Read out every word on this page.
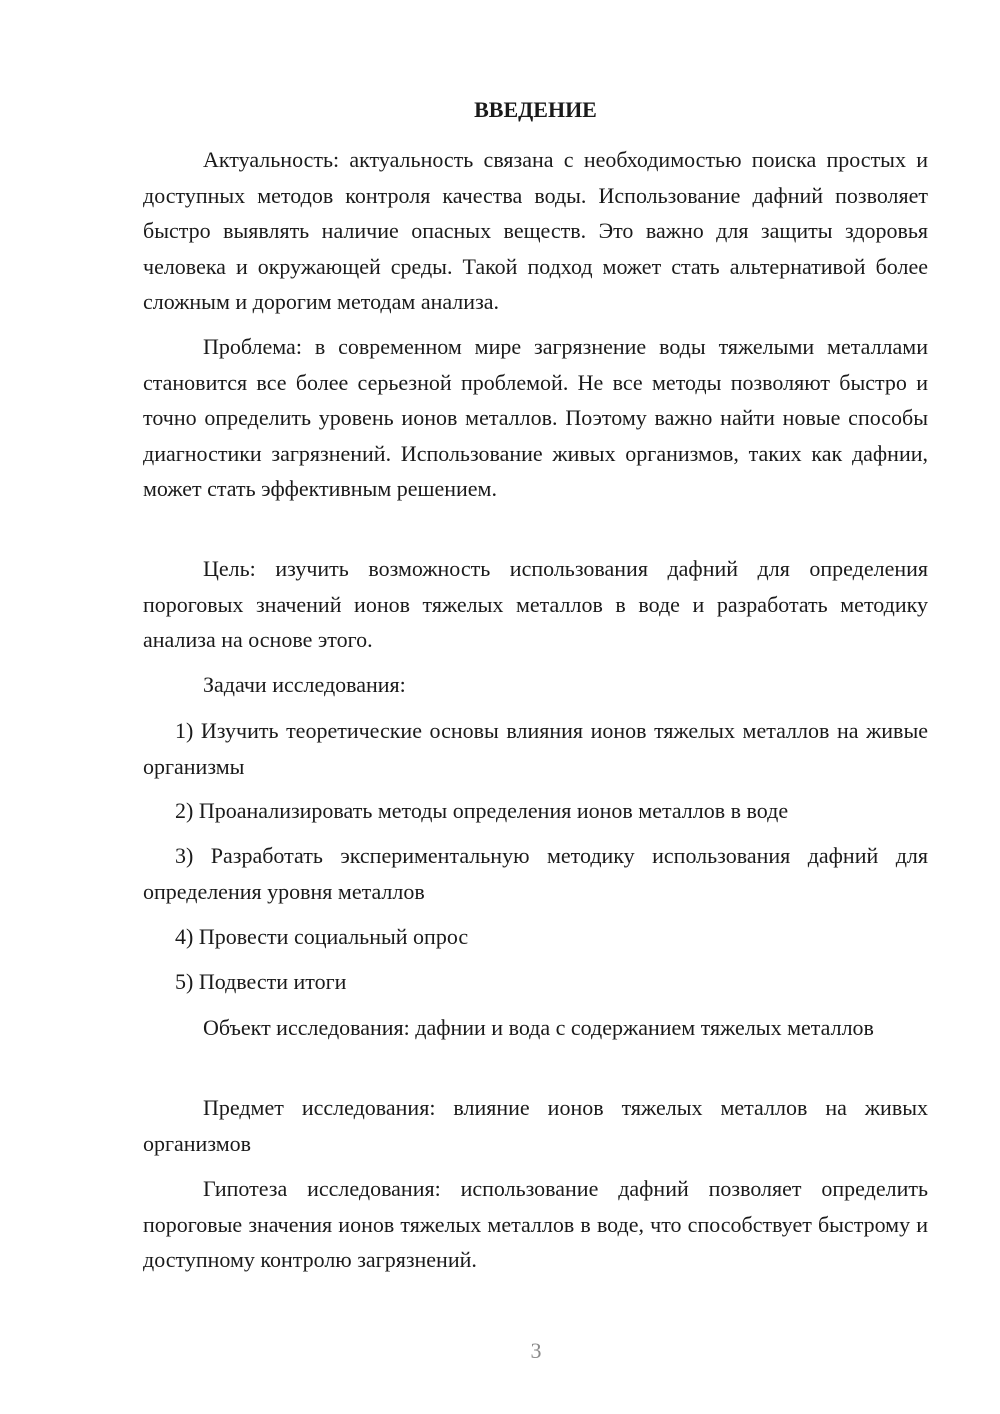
ВВЕДЕНИЕ

Актуальность: актуальность связана с необходимостью поиска простых и доступных методов контроля качества воды. Использование дафний позволяет быстро выявлять наличие опасных веществ. Это важно для защиты здоровья человека и окружающей среды. Такой подход может стать альтернативой более сложным и дорогим методам анализа.

Проблема: в современном мире загрязнение воды тяжелыми металлами становится все более серьезной проблемой. Не все методы позволяют быстро и точно определить уровень ионов металлов. Поэтому важно найти новые способы диагностики загрязнений. Использование живых организмов, таких как дафнии, может стать эффективным решением.

Цель: изучить возможность использования дафний для определения пороговых значений ионов тяжелых металлов в воде и разработать методику анализа на основе этого.

Задачи исследования:

1) Изучить теоретические основы влияния ионов тяжелых металлов на живые организмы

2) Проанализировать методы определения ионов металлов в воде

3) Разработать экспериментальную методику использования дафний для определения уровня металлов

4) Провести социальный опрос

5) Подвести итоги

Объект исследования: дафнии и вода с содержанием тяжелых металлов

Предмет исследования: влияние ионов тяжелых металлов на живых организмов

Гипотеза исследования: использование дафний позволяет определить пороговые значения ионов тяжелых металлов в воде, что способствует быстрому и доступному контролю загрязнений.

3
